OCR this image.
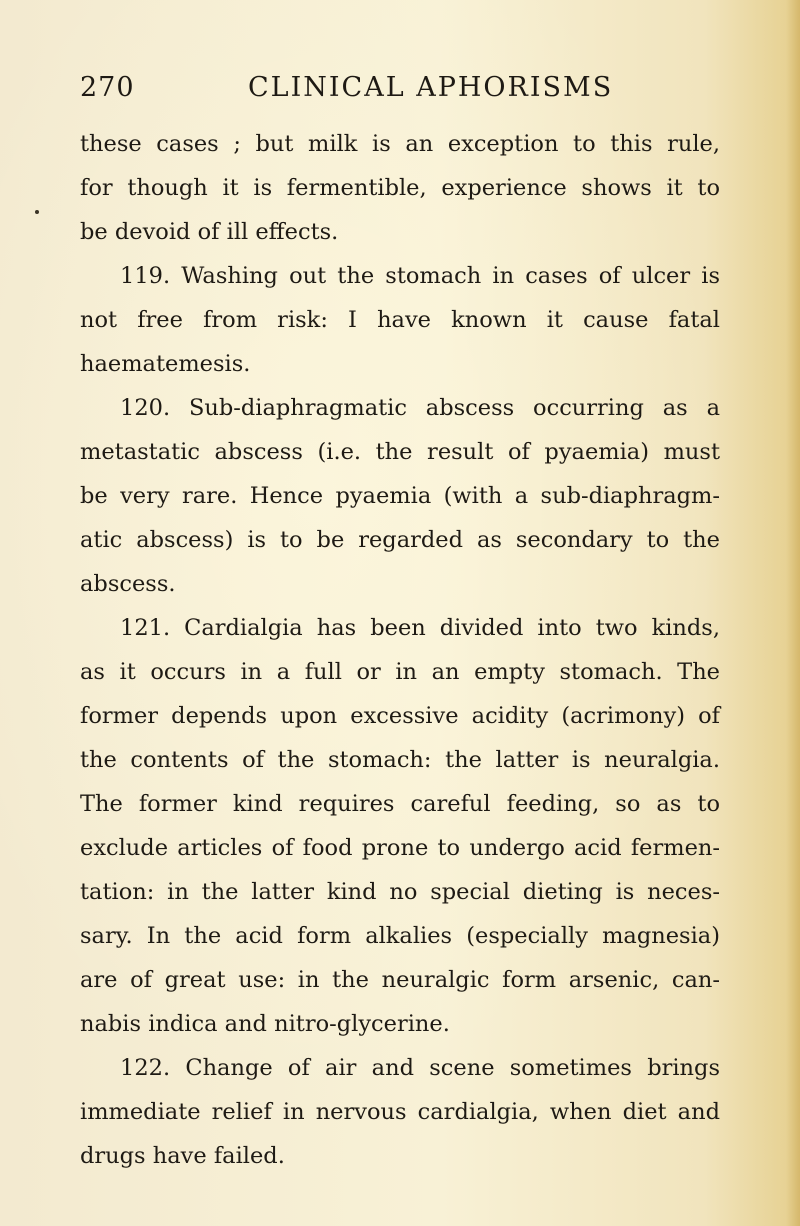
270	CLINICAL APHORISMS
these cases ; but milk is an exception to this rule,
for though it is fermentible, experience shows it to
be devoid of ill effects.
119. Washing out the stomach in cases of ulcer is
not free from risk: I have known it cause fatal
haematemesis.
120. Sub-diaphragmatic abscess occurring as a
metastatic abscess (i.e. the result of pyaemia) must
be very rare. Hence pyaemia (with a sub-diaphragm-
atic abscess) is to be regarded as secondary to the
abscess.
121. Cardialgia has been divided into two kinds,
as it occurs in a full or in an empty stomach. The
former depends upon excessive acidity (acrimony) of
the contents of the stomach: the latter is neuralgia.
The former kind requires careful feeding, so as to
exclude articles of food prone to undergo acid fermen-
tation: in the latter kind no special dieting is neces-
sary. In the acid form alkalies (especially magnesia)
are of great use: in the neuralgic form arsenic, can-
nabis indica and nitro-glycerine.
122. Change of air and scene sometimes brings
immediate relief in nervous cardialgia, when diet and
drugs have failed.
